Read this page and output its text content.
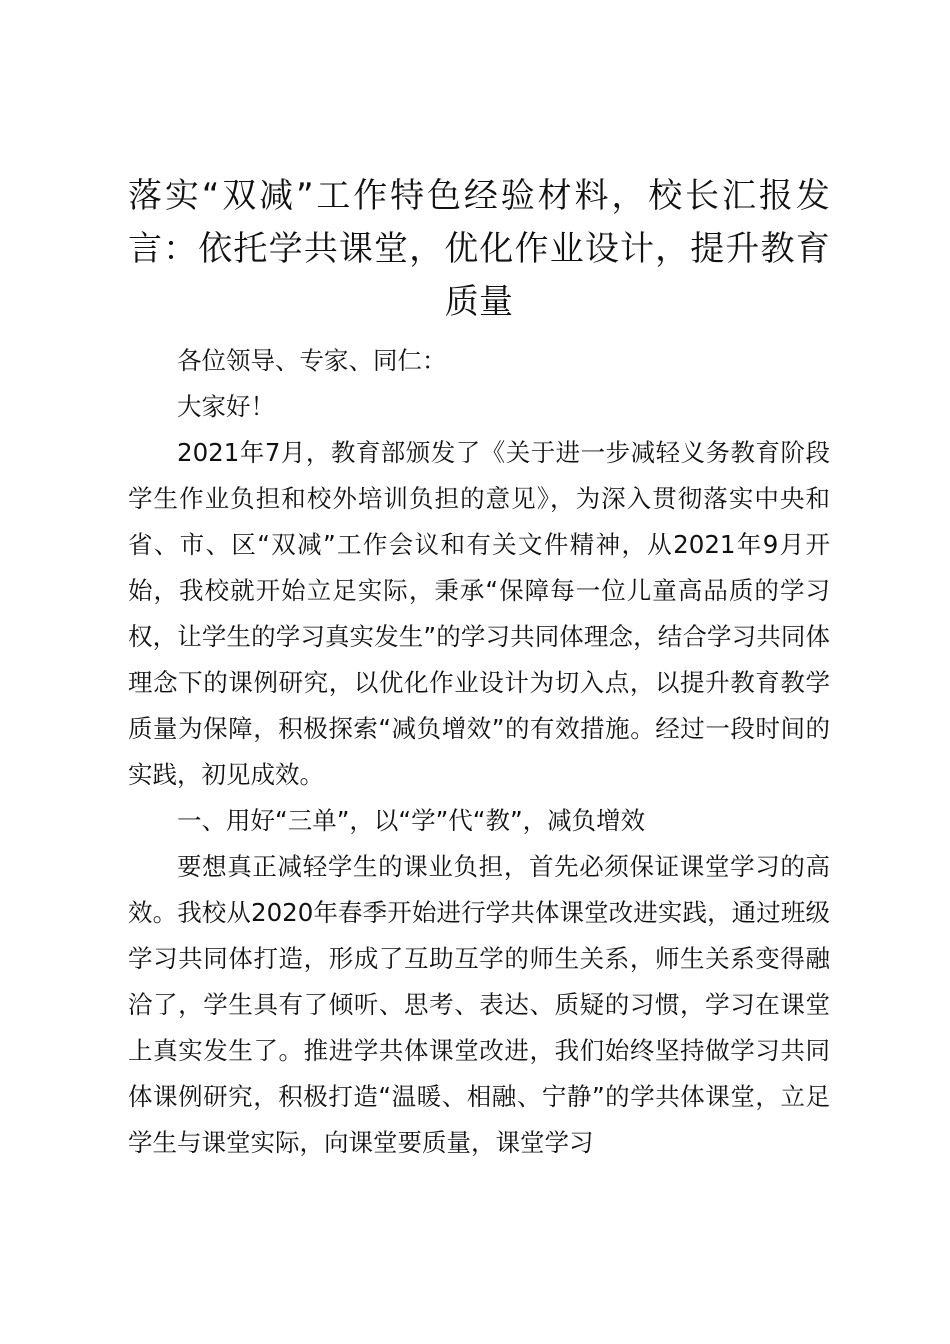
落实“双减”工作特色经验材料，校长汇报发言：依托学共课堂，优化作业设计，提升教育质量

各位领导、专家、同仁：

大家好！

2021年7月，教育部颁发了《关于进一步减轻义务教育阶段学生作业负担和校外培训负担的意见》，为深入贯彻落实中央和省、市、区“双减”工作会议和有关文件精神，从2021年9月开始，我校就开始立足实际，秉承“保障每一位儿童高品质的学习权，让学生的学习真实发生”的学习共同体理念，结合学习共同体理念下的课例研究，以优化作业设计为切入点，以提升教育教学质量为保障，积极探索“减负增效”的有效措施。经过一段时间的实践，初见成效。

一、用好“三单”，以“学”代“教”，减负增效

要想真正减轻学生的课业负担，首先必须保证课堂学习的高效。我校从2020年春季开始进行学共体课堂改进实践，通过班级学习共同体打造，形成了互助互学的师生关系，师生关系变得融洽了，学生具有了倾听、思考、表达、质疑的习惯，学习在课堂上真实发生了。推进学共体课堂改进，我们始终坚持做学习共同体课例研究，积极打造“温暖、相融、宁静”的学共体课堂，立足学生与课堂实际，向课堂要质量，课堂学习
